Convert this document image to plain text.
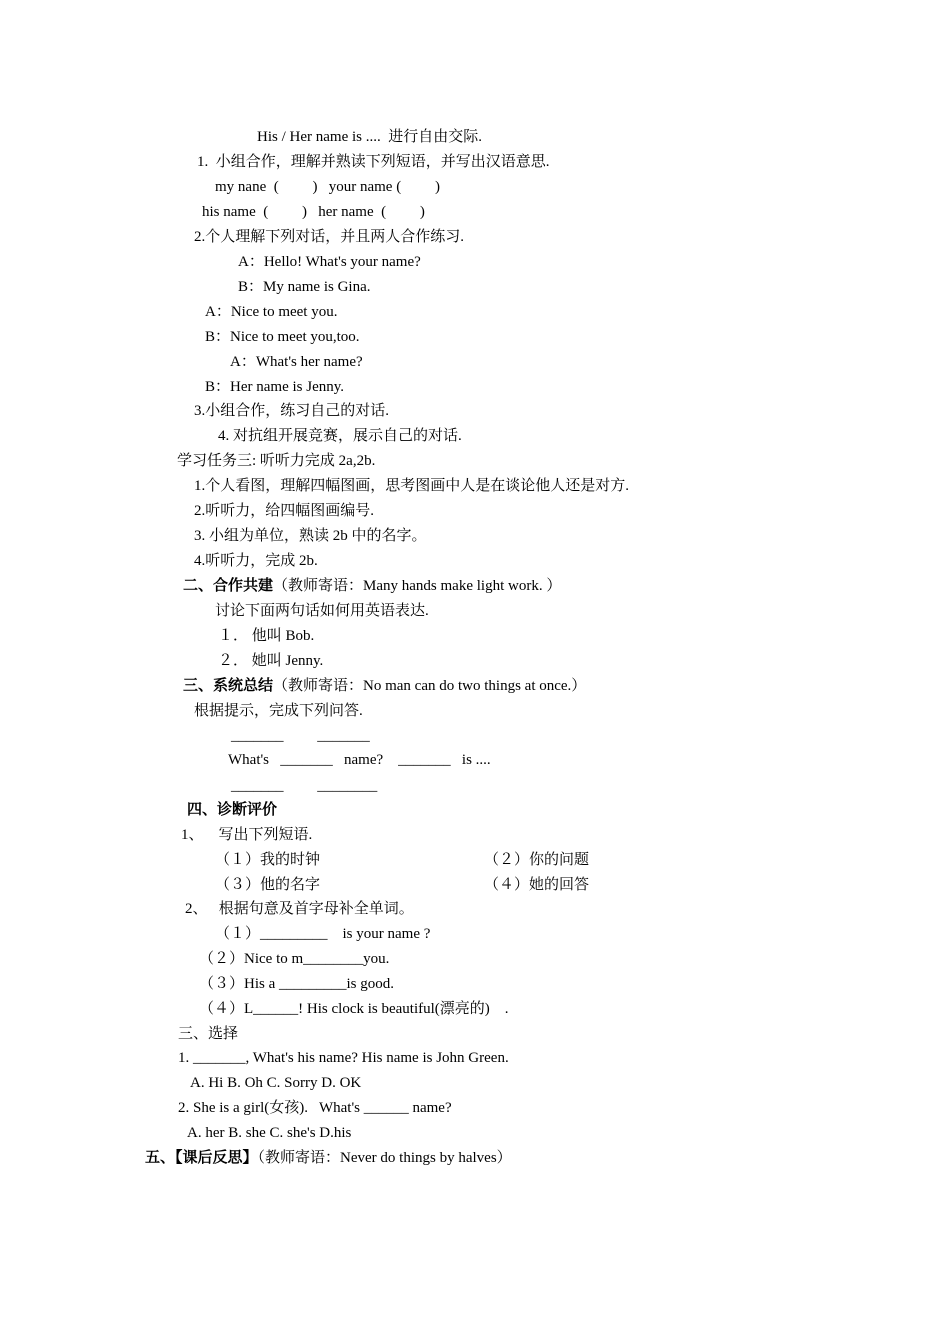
His / Her name is ....  进行自由交际.
1.  小组合作，理解并熟读下列短语，并写出汉语意思.
my nane  (         )   your name (         )
his name  (         )   her name  (         )
2.个人理解下列对话，并且两人合作练习.
A：Hello! What's your name?
B：My name is Gina.
A：Nice to meet you.
B：Nice to meet you,too.
A：What's her name?
B：Her name is Jenny.
3.小组合作，练习自己的对话.
4. 对抗组开展竞赛，展示自己的对话.
学习任务三: 听听力完成 2a,2b.
1.个人看图，理解四幅图画，思考图画中人是在谈论他人还是对方.
2.听听力，给四幅图画编号.
3. 小组为单位，熟读 2b 中的名字。
4.听听力，完成 2b.
二、合作共建（教师寄语：Many hands make light work. ）
讨论下面两句话如何用英语表达.
１． 他叫 Bob.
２． 她叫 Jenny.
三、系统总结（教师寄语：No man can do two things at once.）
根据提示，完成下列问答.
_______         _______
What's   _______   name?    _______   is ....
_______         ________
四、诊断评价
1、    写出下列短语.
（１）我的时钟	（２）你的问题
（３）他的名字	（４）她的回答
2、   根据句意及首字母补全单词。
（１）_________    is your name ?
（２）Nice to m________you.
（３）His a _________is good.
（４）L______! His clock is beautiful(漂亮的)    .
三、选择
1. _______, What's his name? His name is John Green.
A. Hi B. Oh C. Sorry D. OK
2. She is a girl(女孩).   What's ______ name?
A. her B. she C. she's D.his
五、【课后反思】（教师寄语：Never do things by halves）
